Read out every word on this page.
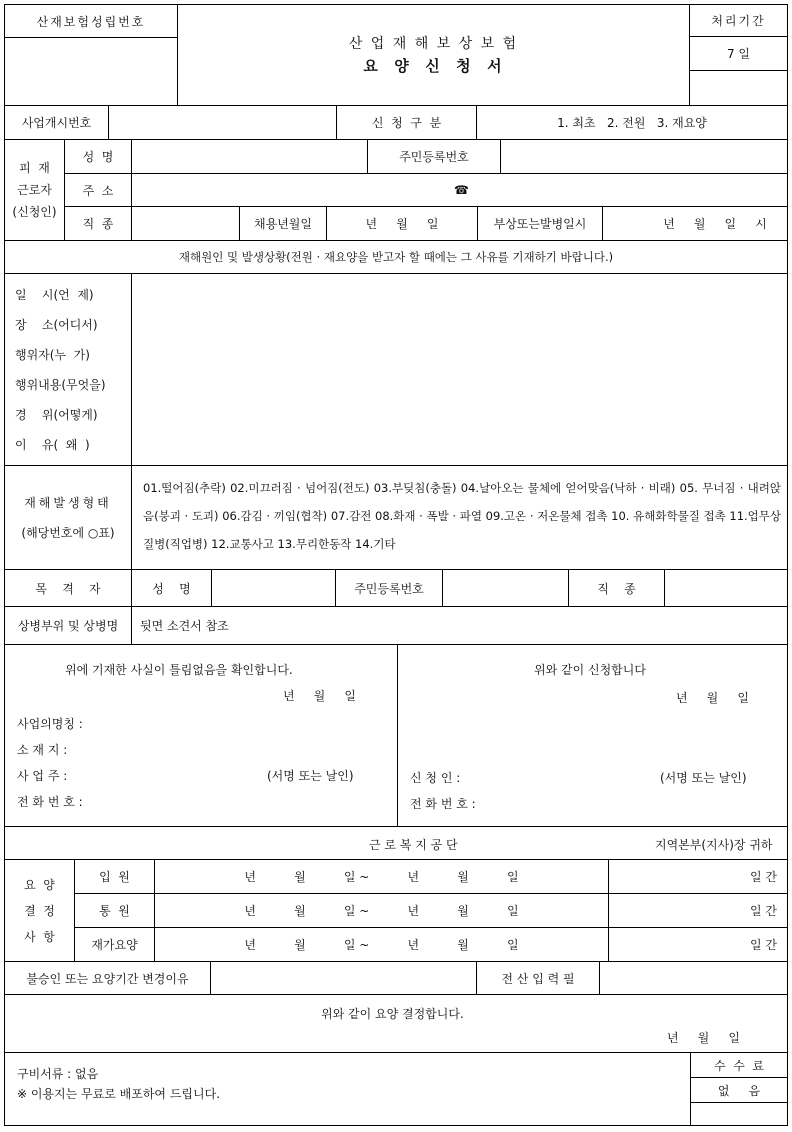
산재보험성립번호
산 업 재 해 보 상 보 험
요  양  신  청  서
처리기간
7 일
사업개시번호	신  청  구  분	1. 최초   2. 전원   3. 재요양
피  재
근로자
(신청인)
성  명	주민등록번호
주  소	☎
직  종	채용년월일	년     월     일	부상또는발병일시	년     월     일     시
재해원인 및 발생상황(전원 · 재요양을 받고자 할 때에는 그 사유를 기재하기 바랍니다.)
일    시(언  제)
장    소(어디서)
행위자(누  가)
행위내용(무엇을)
경    위(어떻게)
이    유(  왜  )
재해발생형태
(해당번호에 ○표)
01.떨어짐(추락) 02.미끄러짐 · 넘어짐(전도) 03.부딪침(충돌) 04.날아오는 물체에 얻어맞음(낙하 · 비래) 05. 무너짐 · 내려앉음(붕괴 · 도괴) 06.감김 · 끼임(협착) 07.감전 08.화재 · 폭발 · 파열 09.고온 · 저온물체 접촉 10. 유해화학물질 접촉 11.업무상질병(직업병) 12.교통사고 13.무리한동작 14.기타
목    격    자	성    명	주민등록번호	직    종
상병부위 및 상병명 뒷면 소견서 참조
위에 기재한 사실이 틀림없음을 확인합니다.
년     월     일
사업의명칭 :
소 재 지 :
사 업 주 :	(서명 또는 날인)
전 화 번 호 :
위와 같이 신청합니다
년     월     일
신 청 인 :	(서명 또는 날인)
전 화 번 호 :
근 로 복 지 공 단	지역본부(지사)장 귀하
요  양
결  정
사  항
입  원	년          월          일 ~          년          월          일	일 간
통  원	년          월          일 ~          년          월          일	일 간
재가요양	년          월          일 ~          년          월          일	일 간
불승인 또는 요양기간 변경이유	전 산 입 력 필
위와 같이 요양 결정합니다.
년     월     일
구비서류 : 없음
※ 이용지는 무료로 배포하여 드립니다.
수  수  료
없     음
